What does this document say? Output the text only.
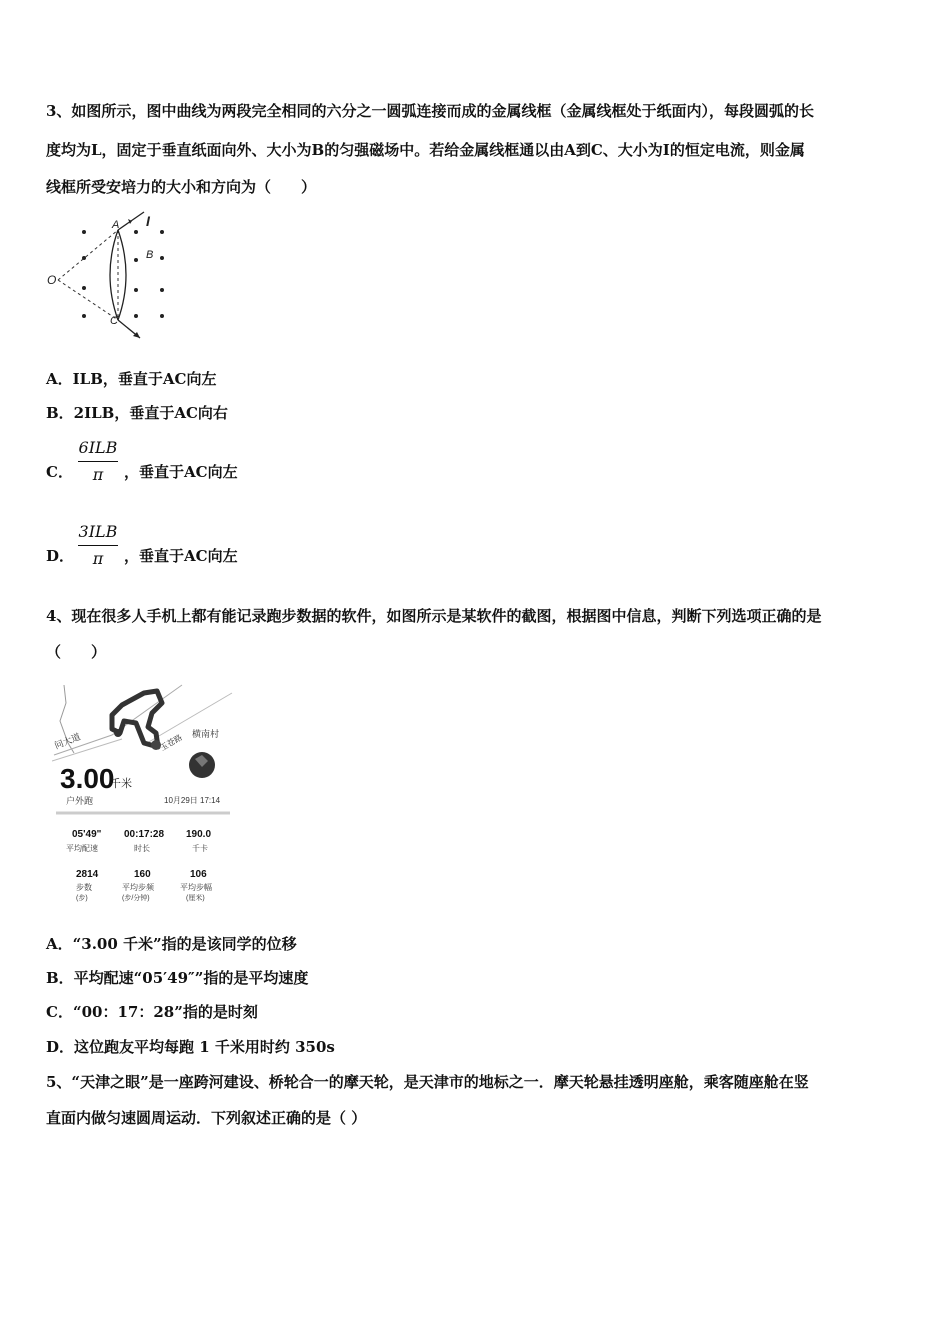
3、如图所示，图中曲线为两段完全相同的六分之一圆弧连接而成的金属线框（金属线框处于纸面内），每段圆弧的长
度均为L，固定于垂直纸面向外、大小为B的匀强磁场中。若给金属线框通以由A到C、大小为I的恒定电流，则金属
线框所受安培力的大小和方向为（　　）
O
A
B
C
I
A．ILB，垂直于AC向左
B．2ILB，垂直于AC向右
C．
6ILB
π	，垂直于AC向左
D．
3ILB
π	，垂直于AC向左
4、现在很多人手机上都有能记录跑步数据的软件，如图所示是某软件的截图，根据图中信息，判断下列选项正确的是
（　　）
问大道	玉苍路 横南村
3.00
千米
户外跑	10月29日 17:14
05'49"
平均配速
00:17:28
时长
190.0
千卡
2814
步数
(步)
160
平均步频
(步/分钟)
106
平均步幅
(厘米)
A．“3.00 千米”指的是该同学的位移
B．平均配速“05′49″”指的是平均速度
C．“00：17：28”指的是时刻
D．这位跑友平均每跑 1 千米用时约 350s
5、“天津之眼”是一座跨河建设、桥轮合一的摩天轮，是天津市的地标之一．摩天轮悬挂透明座舱，乘客随座舱在竖
直面内做匀速圆周运动．下列叙述正确的是（ ）
